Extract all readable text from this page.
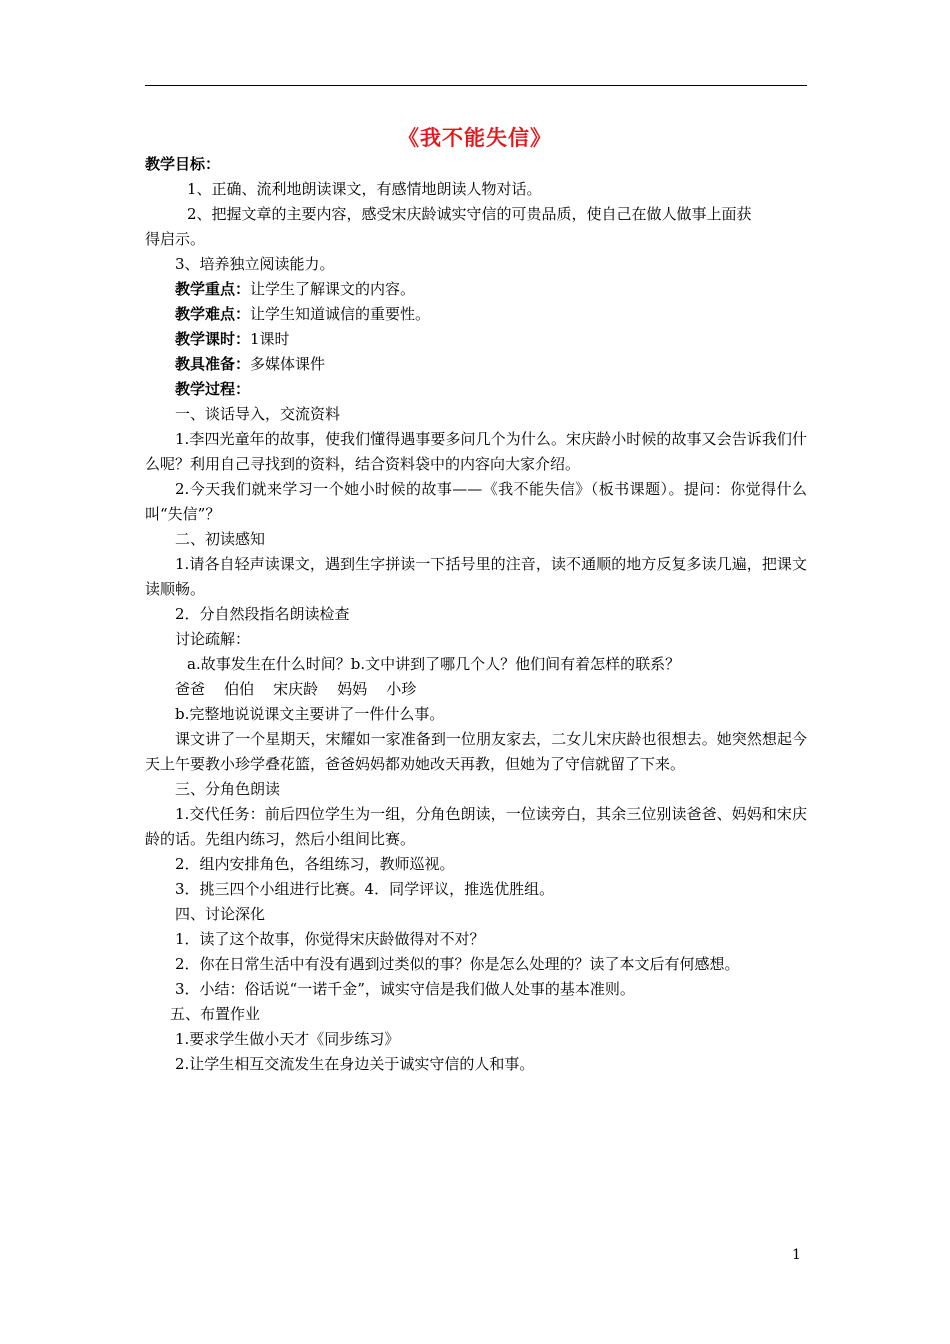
《我不能失信》
教学目标：
1、正确、流利地朗读课文，有感情地朗读人物对话。
2、把握文章的主要内容，感受宋庆龄诚实守信的可贵品质，使自己在做人做事上面获
得启示。
3、培养独立阅读能力。
教学重点：让学生了解课文的内容。
教学难点：让学生知道诚信的重要性。
教学课时：1课时
教具准备：多媒体课件
教学过程：
一、谈话导入，交流资料
1.李四光童年的故事，使我们懂得遇事要多问几个为什么。宋庆龄小时候的故事又会告诉我们什么呢？利用自己寻找到的资料，结合资料袋中的内容向大家介绍。
2.今天我们就来学习一个她小时候的故事——《我不能失信》（板书课题）。提问：你觉得什么叫“失信”？
二、初读感知
1.请各自轻声读课文，遇到生字拼读一下括号里的注音，读不通顺的地方反复多读几遍，把课文读顺畅。
2．分自然段指名朗读检查
讨论疏解：
a.故事发生在什么时间？b.文中讲到了哪几个人？他们间有着怎样的联系？
爸爸    伯伯    宋庆龄    妈妈    小珍
b.完整地说说课文主要讲了一件什么事。
课文讲了一个星期天，宋耀如一家准备到一位朋友家去，二女儿宋庆龄也很想去。她突然想起今天上午要教小珍学叠花篮，爸爸妈妈都劝她改天再教，但她为了守信就留了下来。
三、分角色朗读
1.交代任务：前后四位学生为一组，分角色朗读，一位读旁白，其余三位别读爸爸、妈妈和宋庆龄的话。先组内练习，然后小组间比赛。
2．组内安排角色，各组练习，教师巡视。
3．挑三四个小组进行比赛。4．同学评议，推选优胜组。
四、讨论深化
1．读了这个故事，你觉得宋庆龄做得对不对？
2．你在日常生活中有没有遇到过类似的事？你是怎么处理的？读了本文后有何感想。
3．小结：俗话说“一诺千金”，诚实守信是我们做人处事的基本准则。
五、布置作业
1.要求学生做小天才《同步练习》
2.让学生相互交流发生在身边关于诚实守信的人和事。
1
